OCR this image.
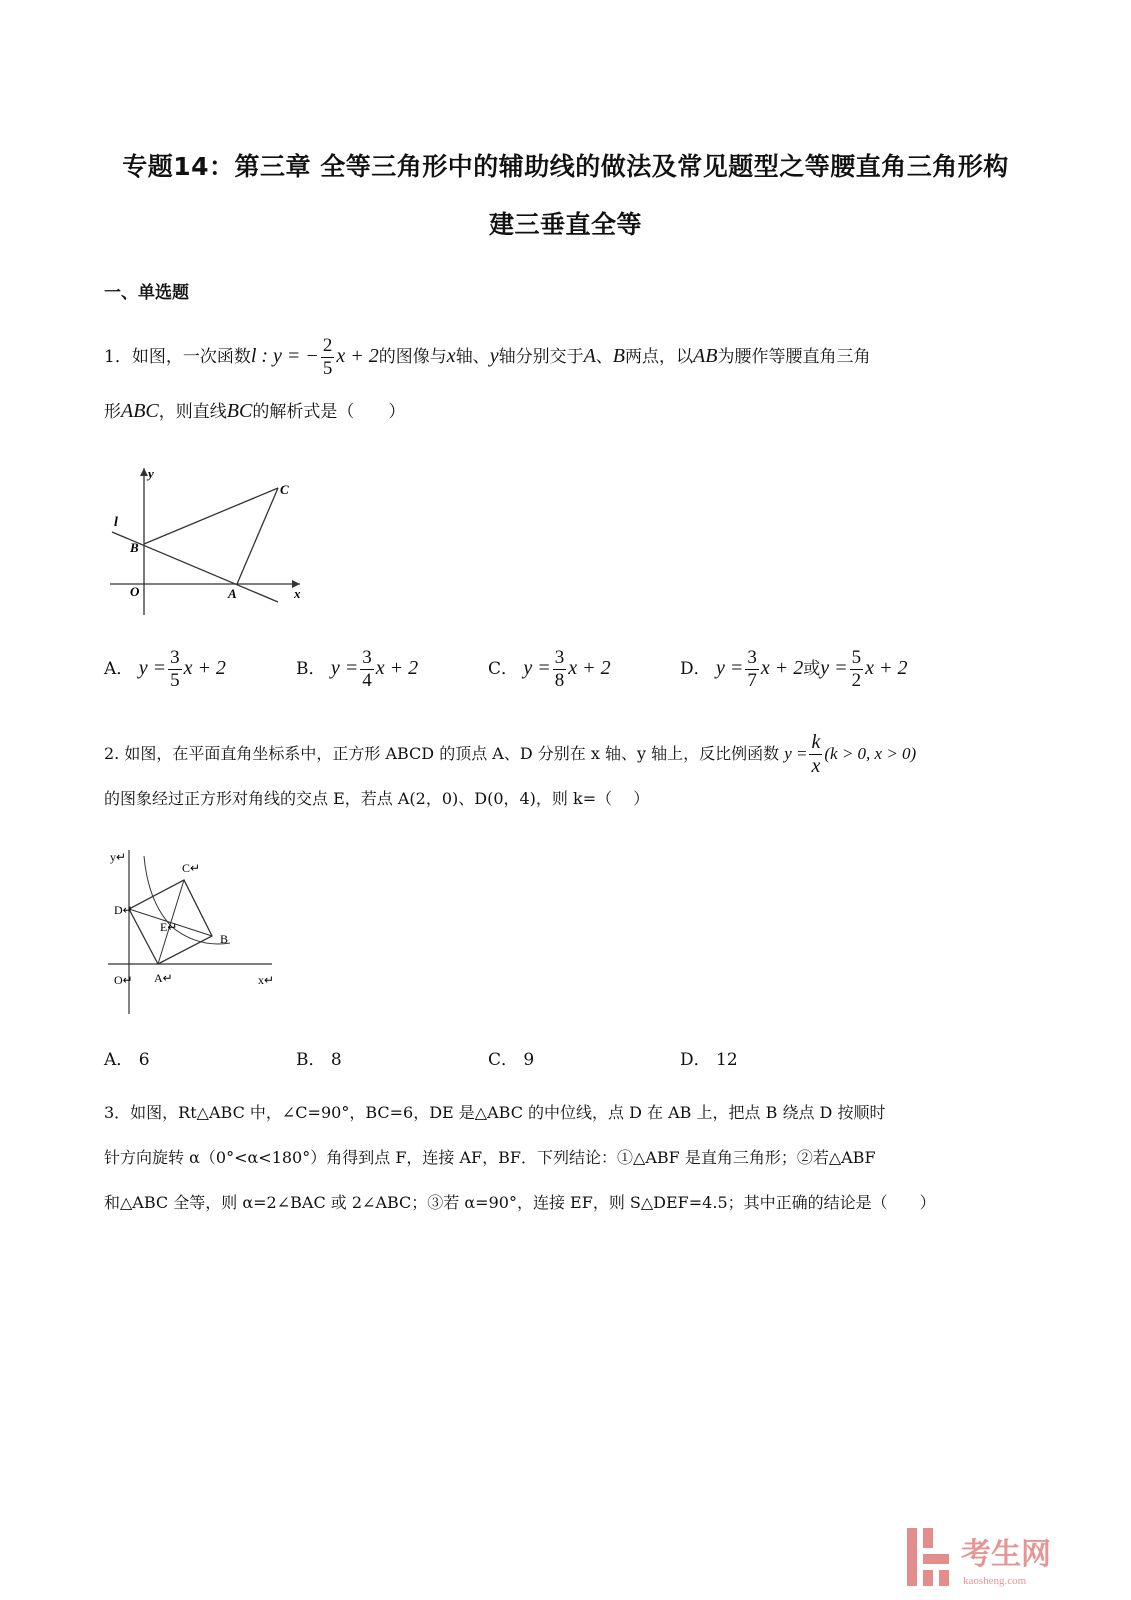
专题14：第三章 全等三角形中的辅助线的做法及常见题型之等腰直角三角形构
建三垂直全等
一、单选题
1．如图，一次函数l : y = − $\frac{2}{5}$ x + 2的图像与x轴、y轴分别交于A、B两点，以AB为腰作等腰直角三角
形ABC，则直线BC的解析式是（　　）
y
C
l
B
O	A	x
A． $y = \frac{3}{5}$ x + 2	B． $y = \frac{3}{4}$ x + 2	C． $y = \frac{3}{8}$ x + 2	D． $y = \frac{3}{7}$ x + 2或$y = \frac{5}{2}$ x + 2
2. 如图，在平面直角坐标系中，正方形 ABCD 的顶点 A、D 分别在 x 轴、y 轴上，反比例函数 $y = \frac{k}{x} (k > 0$, x > 0)
的图象经过正方形对角线的交点 E，若点 A(2，0)、D(0，4)，则 k=（　 ）
y↵
C↵
D↵
E↵
B
O↵ A↵	x↵
A． 6	B． 8	C． 9	D． 12
3．如图，Rt△ABC 中，∠C=90°，BC=6，DE 是△ABC 的中位线，点 D 在 AB 上，把点 B 绕点 D 按顺时
针方向旋转 α（0°<α<180°）角得到点 F，连接 AF，BF．下列结论：①△ABF 是直角三角形；②若△ABF
和△ABC 全等，则 α=2∠BAC 或 2∠ABC；③若 α=90°，连接 EF，则 S△DEF=4.5；其中正确的结论是（　　）
考生网
kaosheng.com
